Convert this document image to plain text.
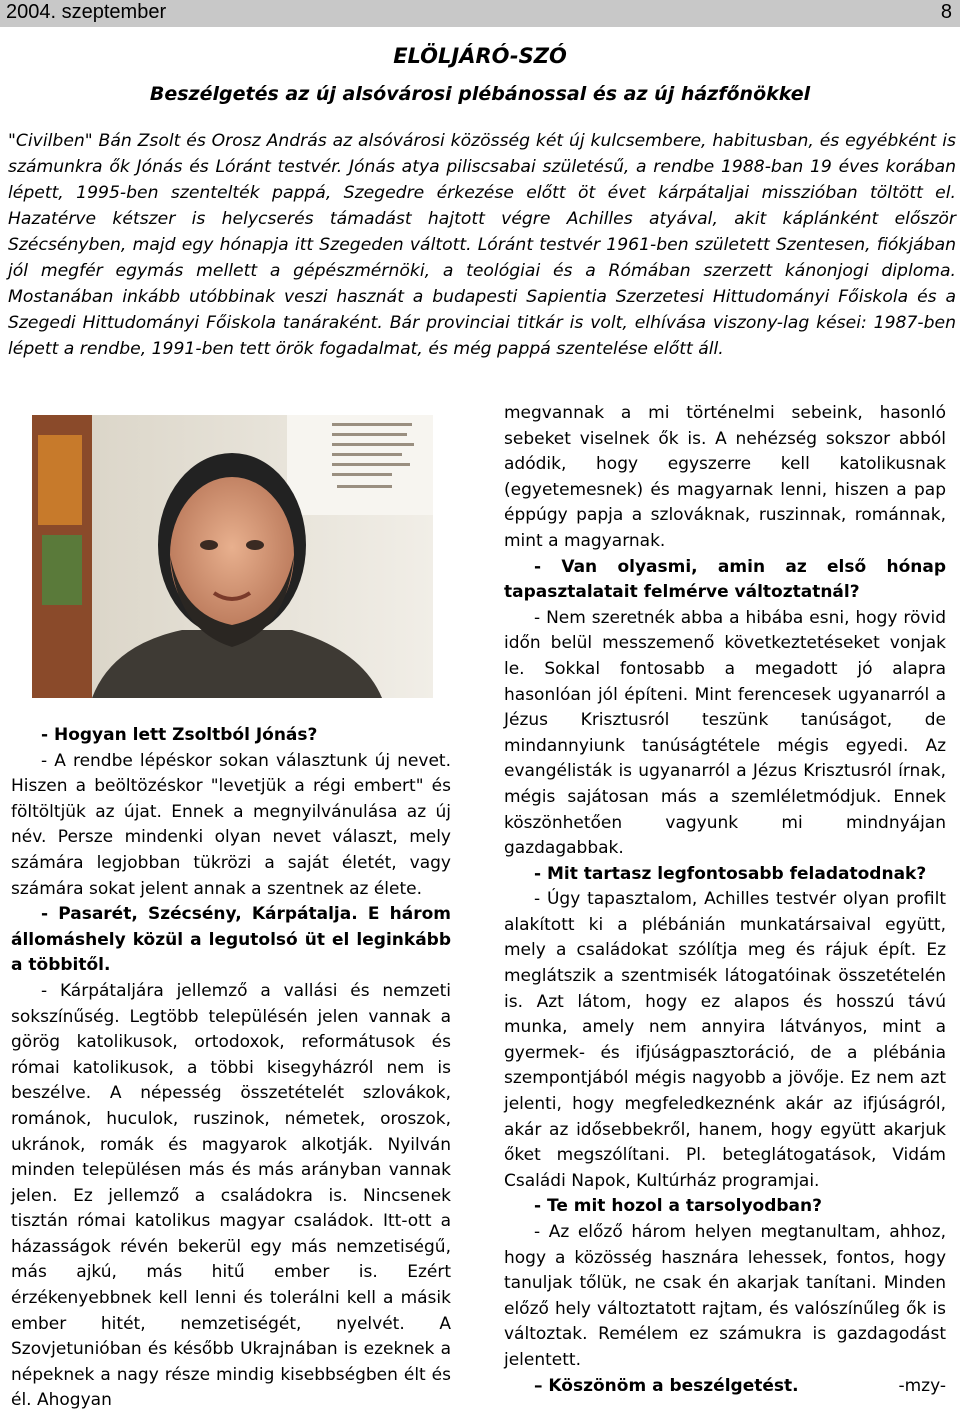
2004. szeptember	8
ELÖLJÁRÓ-SZÓ
Beszélgetés az új alsóvárosi plébánossal és az új házfőnökkel
"Civilben" Bán Zsolt és Orosz András az alsóvárosi közösség két új kulcsembere, habitusban, és egyébként is számunkra ők Jónás és Lóránt testvér. Jónás atya piliscsabai születésű, a rendbe 1988-ban 19 éves korában lépett, 1995-ben szentelték pappá, Szegedre érkezése előtt öt évet kárpátaljai misszióban töltött el. Hazatérve kétszer is helycserés támadást hajtott végre Achilles atyával, akit káplánként először Szécsényben, majd egy hónapja itt Szegeden váltott. Lóránt testvér 1961-ben született Szentesen, fiókjában jól megfér egymás mellett a gépészmérnöki, a teológiai és a Rómában szerzett kánonjogi diploma. Mostanában inkább utóbbinak veszi hasznát a budapesti Sapientia Szerzetesi Hittudományi Főiskola és a Szegedi Hittudományi Főiskola tanáraként. Bár provinciai titkár is volt, elhívása viszony-lag kései: 1987-ben lépett a rendbe, 1991-ben tett örök fogadalmat, és még pappá szentelése előtt áll.

- Hogyan lett Zsoltból Jónás?

- A rendbe lépéskor sokan választunk új nevet. Hiszen a beöltözéskor "levetjük a régi embert" és föltöltjük az újat. Ennek a megnyilvánulása az új név. Persze mindenki olyan nevet választ, mely számára legjobban tükrözi a saját életét, vagy számára sokat jelent annak a szentnek az élete.

- Pasarét, Szécsény, Kárpátalja. E három állomáshely közül a legutolsó üt el leginkább a többitől.

- Kárpátaljára jellemző a vallási és nemzeti sokszínűség. Legtöbb településén jelen vannak a görög katolikusok, ortodoxok, reformátusok és római katolikusok, a többi kisegyházról nem is beszélve. A népesség összetételét szlovákok, románok, huculok, ruszinok, németek, oroszok, ukránok, romák és magyarok alkotják. Nyilván minden településen más és más arányban vannak jelen. Ez jellemző a családokra is. Nincsenek tisztán római katolikus magyar családok. Itt-ott a házasságok révén bekerül egy más nemzetiségű, más ajkú, más hitű ember is. Ezért érzékenyebbnek kell lenni és tolerálni kell a másik ember hitét, nemzetiségét, nyelvét. A Szovjetunióban és később Ukrajnában is ezeknek a népeknek a nagy része mindig kisebbségben élt és él. Ahogyan

megvannak a mi történelmi sebeink, hasonló sebeket viselnek ők is. A nehézség sokszor abból adódik, hogy egyszerre kell katolikusnak (egyetemesnek) és magyarnak lenni, hiszen a pap éppúgy papja a szlováknak, ruszinnak, románnak, mint a magyarnak.

- Van olyasmi, amin az első hónap tapasztalatait felmérve változtatnál?

- Nem szeretnék abba a hibába esni, hogy rövid időn belül messzemenő következtetéseket vonjak le. Sokkal fontosabb a megadott jó alapra hasonlóan jól építeni. Mint ferencesek ugyanarról a Jézus Krisztusról teszünk tanúságot, de mindannyiunk tanúságtétele mégis egyedi. Az evangélisták is ugyanarról a Jézus Krisztusról írnak, mégis sajátosan más a szemléletmódjuk. Ennek köszönhetően vagyunk mi mindnyájan gazdagabbak.

- Mit tartasz legfontosabb feladatodnak?

- Úgy tapasztalom, Achilles testvér olyan profilt alakított ki a plébánián munkatársaival együtt, mely a családokat szólítja meg és rájuk épít. Ez meglátszik a szentmisék látogatóinak összetételén is. Azt látom, hogy ez alapos és hosszú távú munka, amely nem annyira látványos, mint a gyermek- és ifjúságpasztoráció, de a plébánia szempontjából mégis nagyobb a jövője. Ez nem azt jelenti, hogy megfeledkeznénk akár az ifjúságról, akár az idősebbekről, hanem, hogy együtt akarjuk őket megszólítani. Pl. beteglátogatások, Vidám Családi Napok, Kultúrház programjai.

- Te mit hozol a tarsolyodban?

- Az előző három helyen megtanultam, ahhoz, hogy a közösség hasznára lehessek, fontos, hogy tanuljak tőlük, ne csak én akarjak tanítani. Minden előző hely változtatott rajtam, és valószínűleg ők is változtak. Remélem ez számukra is gazdagodást jelentett.

– Köszönöm a beszélgetést.	-mzy-
